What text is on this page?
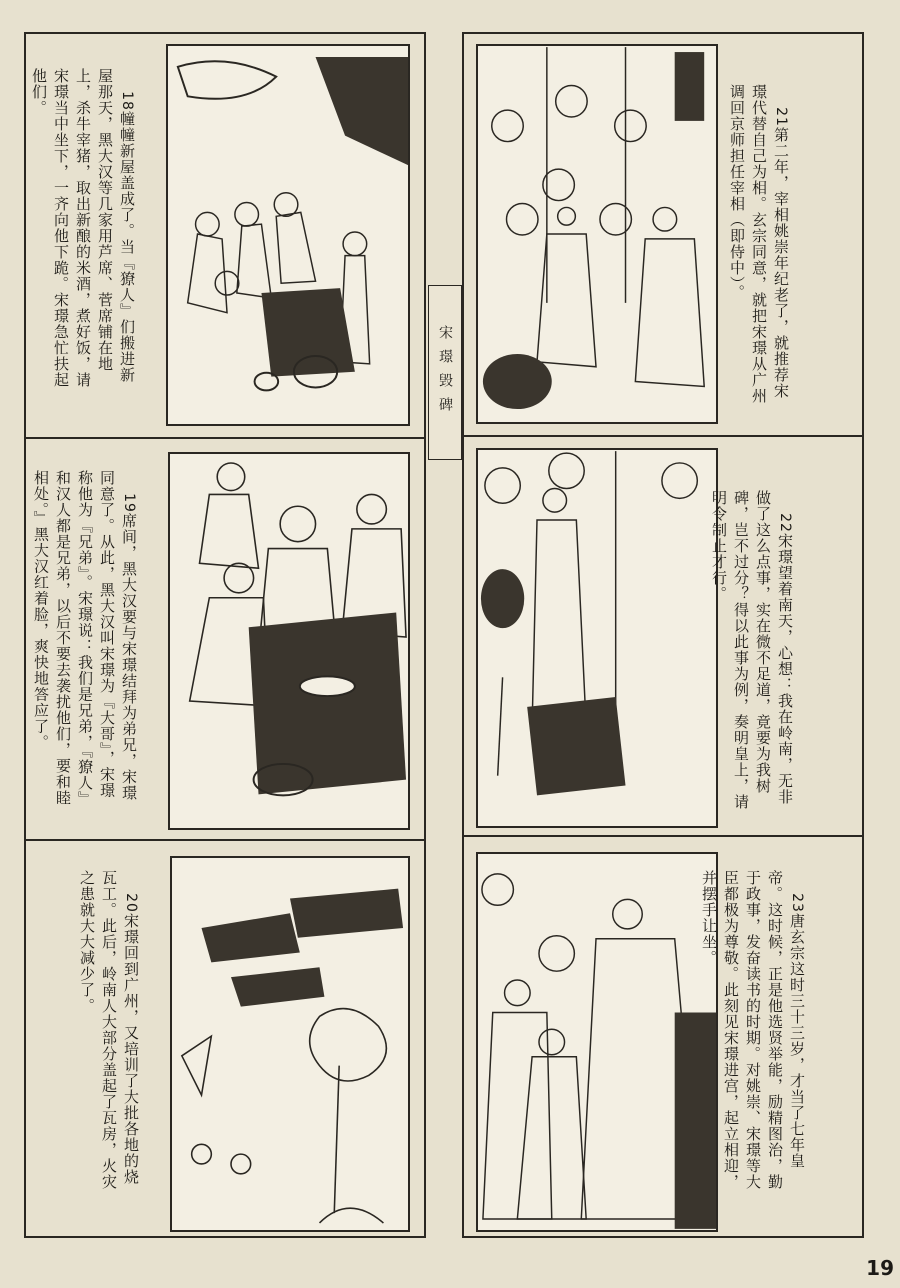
宋璟毁碑

18幢幢新屋盖成了。当『獠人』们搬进新屋那天，黑大汉等几家用芦席、菅席铺在地上，杀牛宰猪，取出新酿的米酒，煮好饭，请宋璟当中坐下，一齐向他下跪。宋璟急忙扶起他们。

19席间，黑大汉要与宋璟结拜为弟兄，宋璟同意了。从此，黑大汉叫宋璟为『大哥』，宋璟称他为『兄弟』。宋璟说：我们是兄弟，『獠人』和汉人都是兄弟，以后不要去袭扰他们，要和睦相处。』黑大汉红着脸，爽快地答应了。

20宋璟回到广州，又培训了大批各地的烧瓦工。此后，岭南人大部分盖起了瓦房，火灾之患就大大减少了。

21第二年，宰相姚崇年纪老了，就推荐宋璟代替自己为相。玄宗同意，就把宋璟从广州调回京师担任宰相（即侍中）。

22宋璟望着南天，心想：我在岭南，无非做了这么点事，实在微不足道，竟要为我树碑，岂不过分？得以此事为例，奏明皇上，请明令制止才行。

23唐玄宗这时三十三岁，才当了七年皇帝。这时候，正是他选贤举能，励精图治，勤于政事，发奋读书的时期。对姚崇、宋璟等大臣都极为尊敬。此刻见宋璟进宫，起立相迎，并摆手让坐。

19
